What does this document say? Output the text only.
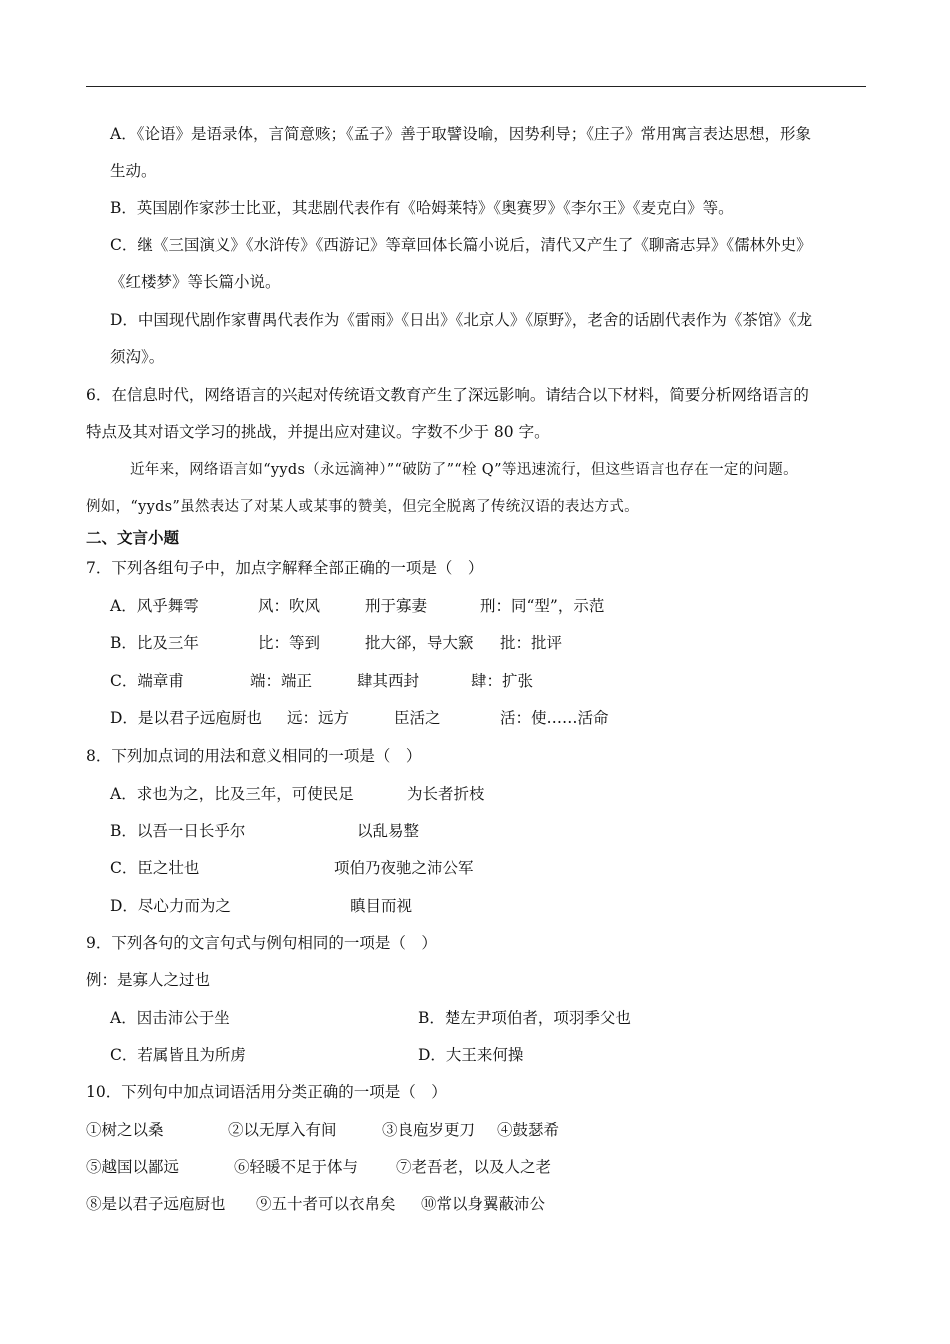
A．《论语》是语录体，言简意赅；《孟子》善于取譬设喻，因势利导；《庄子》常用寓言表达思想，形象
生动。
B．英国剧作家莎士比亚，其悲剧代表作有《哈姆莱特》《奥赛罗》《李尔王》《麦克白》等。
C．继《三国演义》《水浒传》《西游记》等章回体长篇小说后，清代又产生了《聊斋志异》《儒林外史》
《红楼梦》等长篇小说。
D．中国现代剧作家曹禺代表作为《雷雨》《日出》《北京人》《原野》，老舍的话剧代表作为《茶馆》《龙
须沟》。
6．在信息时代，网络语言的兴起对传统语文教育产生了深远影响。请结合以下材料，简要分析网络语言的
特点及其对语文学习的挑战，并提出应对建议。字数不少于 80 字。
近年来，网络语言如“yyds（永远滴神）”“破防了”“栓 Q”等迅速流行，但这些语言也存在一定的问题。
例如，“yyds”虽然表达了对某人或某事的赞美，但完全脱离了传统汉语的表达方式。
二、文言小题
7．下列各组句子中，加点字解释全部正确的一项是（　）
A．风乎舞雩	风：吹风	刑于寡妻	刑：同“型”，示范
B．比及三年	比：等到	批大郤，导大窾 批：批评
C．端章甫	端：端正	肆其西封	肆：扩张
D．是以君子远庖厨也 远：远方	臣活之	活：使……活命
8．下列加点词的用法和意义相同的一项是（　）
A．求也为之，比及三年，可使民足	为长者折枝
B．以吾一日长乎尔	以乱易整
C．臣之壮也	项伯乃夜驰之沛公军
D．尽心力而为之	瞋目而视
9．下列各句的文言句式与例句相同的一项是（　）
例：是寡人之过也
A．因击沛公于坐	B．楚左尹项伯者，项羽季父也
C．若属皆且为所虏	D．大王来何操
10．下列句中加点词语活用分类正确的一项是（　）
①树之以桑	②以无厚入有间	③良庖岁更刀 ④鼓瑟希
⑤越国以鄙远	⑥轻暖不足于体与 ⑦老吾老，以及人之老
⑧是以君子远庖厨也 ⑨五十者可以衣帛矣 ⑩常以身翼蔽沛公
